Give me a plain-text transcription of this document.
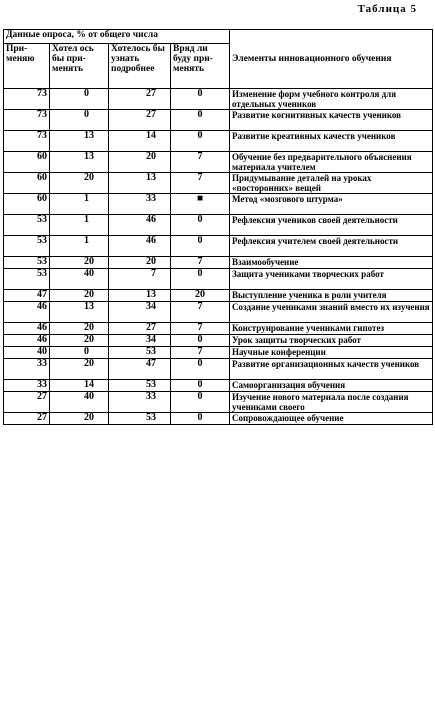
Таблица 5
Данные опроса, % от общего числа				Элементы инновационного обучения
При-меняю	Хотел ось бы при-менять	Хотелось бы узнать подробнее	Вряд ли буду при-менять	
73	0	27	0	Изменение форм учебного контроля для отдельных учеников
73	0	27	0	Развитие когнитивных качеств учеников
73	13	14	0	Развитие креативных качеств учеников
60	13	20	7	Обучение без предварительного объяснения материала учителем
60	20	13	7	Придумывание деталей на уроках «посторонних» вещей
60	1	33	■	Метод «мозгового штурма»
53	1	46	0	Рефлексия учеников своей деятельности
53	1	46	0	Рефлексия учителем своей деятельности
53	20	20	7	Взаимообучение
53	40	7	0	Защита учениками творческих работ
47	20	13	20	Выступление ученика в роли учителя
46	13	34	7	Создание учениками знаний вместо их изучения
46	20	27	7	Конструирование учениками гипотез
46	20	34	0	Урок защиты творческих работ
40	0	53	7	Научные конференции
33	20	47	0	Развитие организационных качеств учеников
33	14	53	0	Самоорганизация обучения
27	40	33	0	Изучение нового материала после создания учениками своего
27	20	53	0	Сопровождающее обучение
